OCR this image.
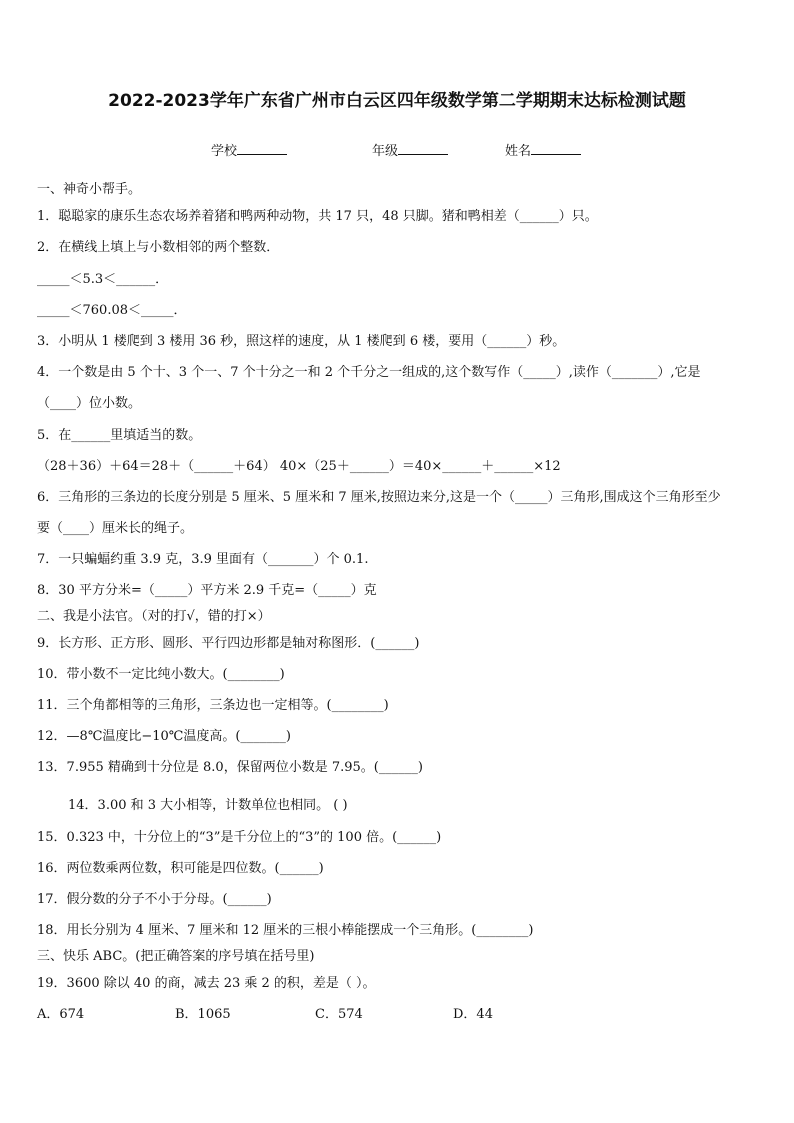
2022-2023学年广东省广州市白云区四年级数学第二学期期末达标检测试题
学校	年级	姓名
一、神奇小帮手。
1．聪聪家的康乐生态农场养着猪和鸭两种动物，共 17 只，48 只脚。猪和鸭相差（______）只。
2．在横线上填上与小数相邻的两个整数．
_____＜5.3＜______．
_____＜760.08＜_____．
3．小明从 1 楼爬到 3 楼用 36 秒，照这样的速度，从 1 楼爬到 6 楼，要用（______）秒。
4．一个数是由 5 个十、3 个一、7 个十分之一和 2 个千分之一组成的,这个数写作（_____）,读作（_______）,它是
（____）位小数。
5．在______里填适当的数。
（28＋36）＋64＝28＋（______＋64） 40×（25＋______）＝40×______＋______×12
6．三角形的三条边的长度分别是 5 厘米、5 厘米和 7 厘米,按照边来分,这是一个（_____）三角形,围成这个三角形至少
要（____）厘米长的绳子。
7．一只蝙蝠约重 3.9 克，3.9 里面有（_______）个 0.1.
8．30 平方分米=（_____）平方米 2.9 千克=（_____）克
二、我是小法官。（对的打√，错的打×）
9．长方形、正方形、圆形、平行四边形都是轴对称图形．(______)
10．带小数不一定比纯小数大。(________)
11．三个角都相等的三角形，三条边也一定相等。(________)
12．—8℃温度比−10℃温度高。(_______)
13．7.955 精确到十分位是 8.0，保留两位小数是 7.95。(______)
14．3.00 和 3 大小相等，计数单位也相同。 ( )
15．0.323 中，十分位上的“3”是千分位上的“3”的 100 倍。(______)
16．两位数乘两位数，积可能是四位数。(______)
17．假分数的分子不小于分母。(______)
18．用长分别为 4 厘米、7 厘米和 12 厘米的三根小棒能摆成一个三角形。(________)
三、快乐 ABC。(把正确答案的序号填在括号里)
19．3600 除以 40 的商，减去 23 乘 2 的积，差是（ ）。
A．674	B．1065	C．574	D．44
